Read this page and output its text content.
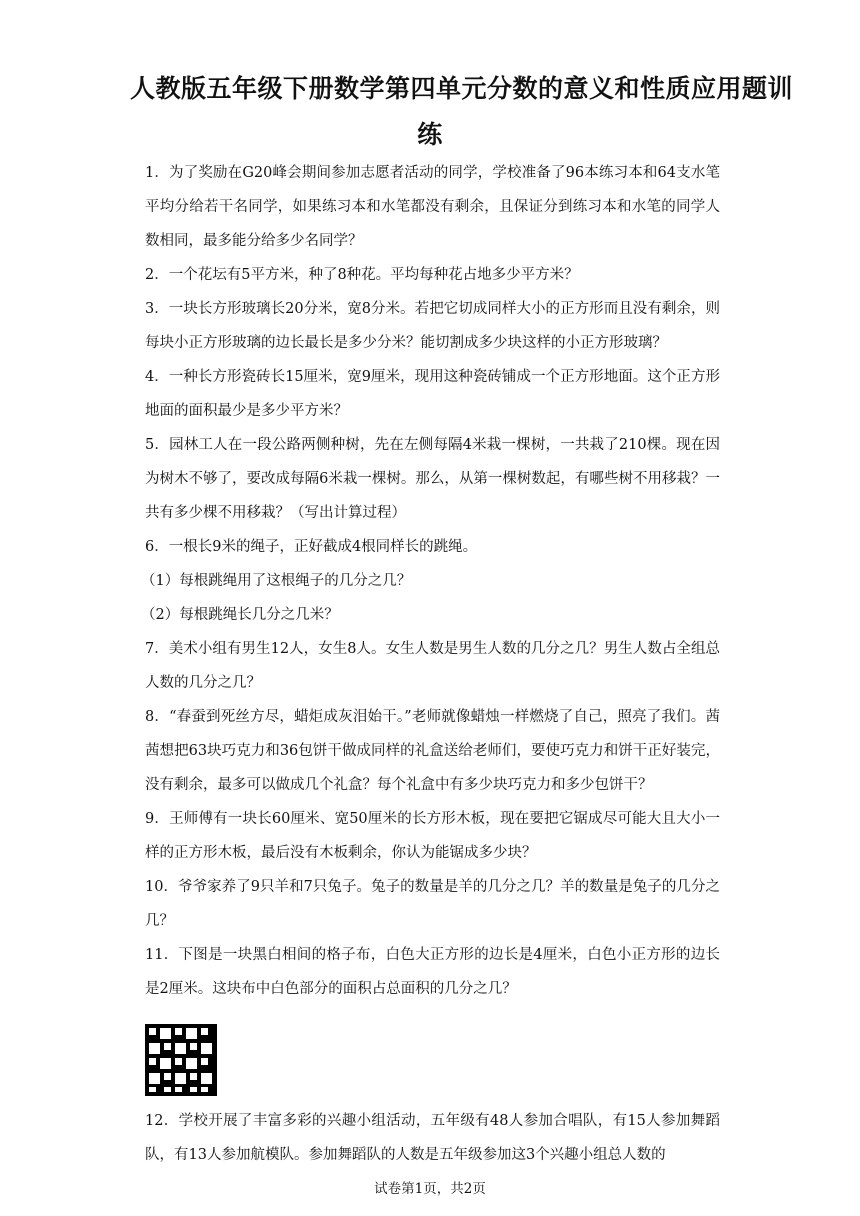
人教版五年级下册数学第四单元分数的意义和性质应用题训
练

1．为了奖励在G20峰会期间参加志愿者活动的同学，学校准备了96本练习本和64支水笔平均分给若干名同学，如果练习本和水笔都没有剩余，且保证分到练习本和水笔的同学人数相同，最多能分给多少名同学？

2．一个花坛有5平方米，种了8种花。平均每种花占地多少平方米？

3．一块长方形玻璃长20分米，宽8分米。若把它切成同样大小的正方形而且没有剩余，则每块小正方形玻璃的边长最长是多少分米？能切割成多少块这样的小正方形玻璃？

4．一种长方形瓷砖长15厘米，宽9厘米，现用这种瓷砖铺成一个正方形地面。这个正方形地面的面积最少是多少平方米？

5．园林工人在一段公路两侧种树，先在左侧每隔4米栽一棵树，一共栽了210棵。现在因为树木不够了，要改成每隔6米栽一棵树。那么，从第一棵树数起，有哪些树不用移栽？一共有多少棵不用移栽？（写出计算过程）

6．一根长9米的绳子，正好截成4根同样长的跳绳。

（1）每根跳绳用了这根绳子的几分之几？

（2）每根跳绳长几分之几米？

7．美术小组有男生12人，女生8人。女生人数是男生人数的几分之几？男生人数占全组总人数的几分之几？

8．“春蚕到死丝方尽，蜡炬成灰泪始干。”老师就像蜡烛一样燃烧了自己，照亮了我们。茜茜想把63块巧克力和36包饼干做成同样的礼盒送给老师们，要使巧克力和饼干正好装完，没有剩余，最多可以做成几个礼盒？每个礼盒中有多少块巧克力和多少包饼干？

9．王师傅有一块长60厘米、宽50厘米的长方形木板，现在要把它锯成尽可能大且大小一样的正方形木板，最后没有木板剩余，你认为能锯成多少块？

10．爷爷家养了9只羊和7只兔子。兔子的数量是羊的几分之几？羊的数量是兔子的几分之几？

11．下图是一块黑白相间的格子布，白色大正方形的边长是4厘米，白色小正方形的边长是2厘米。这块布中白色部分的面积占总面积的几分之几？

12．学校开展了丰富多彩的兴趣小组活动，五年级有48人参加合唱队，有15人参加舞蹈队，有13人参加航模队。参加舞蹈队的人数是五年级参加这3个兴趣小组总人数的

试卷第1页，共2页
